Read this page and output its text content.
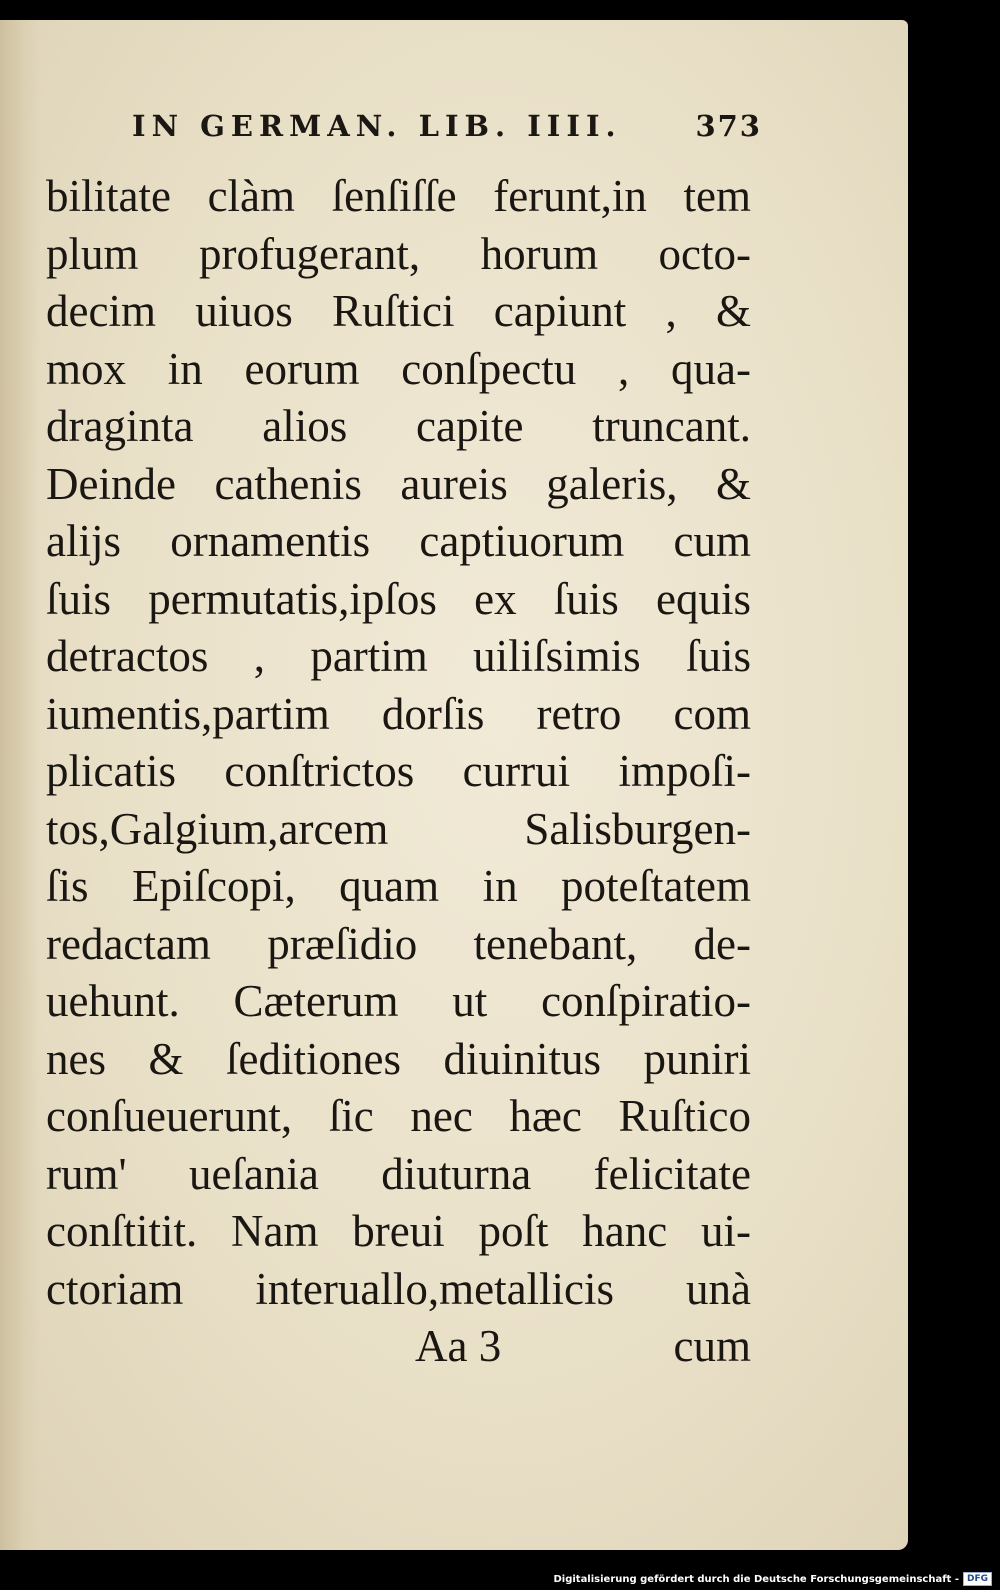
IN GERMAN. LIB. IIII.	373
bilitate clàm ſenſiſſe ferunt,in tem
plum profugerant, horum octo-
decim uiuos Ruſtici capiunt , &
mox in eorum conſpectu , qua-
draginta alios capite truncant.
Deinde cathenis aureis galeris, &
alijs ornamentis captiuorum cum
ſuis permutatis,ipſos ex ſuis equis
detractos , partim uiliſsimis ſuis
iumentis,partim dorſis retro com
plicatis conſtrictos currui impoſi-
tos,Galgium,arcem Salisburgen-
ſis Epiſcopi, quam in poteſtatem
redactam præſidio tenebant, de-
uehunt. Cæterum ut conſpiratio-
nes & ſeditiones diuinitus puniri
conſueuerunt, ſic nec hæc Ruſtico
rum' ueſania diuturna felicitate
conſtitit. Nam breui poſt hanc ui-
ctoriam interuallo,metallicis unà
Aa 3	cum
Digitalisierung gefördert durch die Deutsche Forschungsgemeinschaft - DFG
